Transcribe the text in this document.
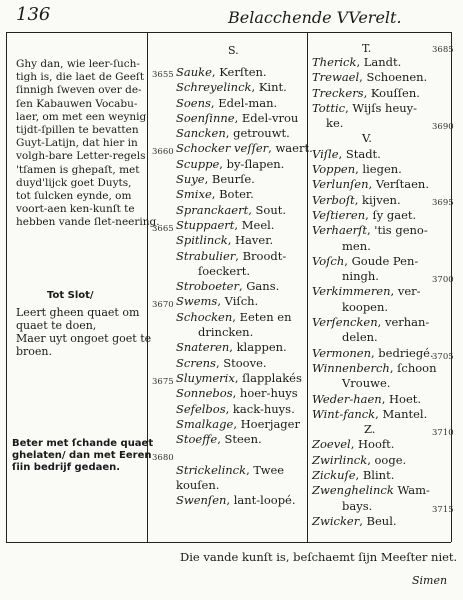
136	Belacchende VVerelt.
Ghy dan, wie leer-ſuch-
tigh is, die laet de Geeſt
ſinnigh ſweven over de-
ſen Kabauwen Vocabu-
laer, om met een weynig
tijdt-ſpillen te bevatten
Guyt-Latijn, dat hier in
volgh-bare Letter-regels
'tſamen is ghepaſt, met
duyd'lijck goet Duyts,
tot ſulcken eynde, om
voort-aen ken-kunſt te
hebben vande ſlet-neering.
Tot Slot/
Leert gheen quaet om
quaet te doen,
Maer uyt ongoet goet te
broen.
Beter met ſchande quaet
ghelaten/ dan met Eeren
ſiin bedrijf gedaen.
S.
Sauke, Kerſten.
Schreyelinck, Kint.
Soens, Edel-man.
Soenſinne, Edel-vrou
Sancken, getrouwt.
Schocker veſſer, waert.
Scuppe, by-ſlapen.
Suye, Beurſe.
Smixe, Boter.
Spranckaert, Sout.
Stuppaert, Meel.
Spitlinck, Haver.
Strabulier, Broodt-
ſoeckert.
Stroboeter, Gans.
Swems, Viſch.
Schocken, Eeten en
drincken.
Snateren, klappen.
Screns, Stoove.
Sluymerix, ſlapplakés
Sonnebos, hoer-huys
Sefelbos, kack-huys.
Smalkage, Hoerjager
Stoeffe, Steen.
Strickelinck, Twee
kouſen.
Swenſen, lant-loopé.
3655
3660
3665
3670
3675
3680
T.
Therick, Landt.
Trewael, Schoenen.
Treckers, Kouſſen.
Tottic, Wijſs heuy-
ke.
V.
Viſle, Stadt.
Voppen, liegen.
Verlunſen, Verſtaen.
Verboſt, kijven.
Veſtieren, ſy gaet.
Verhaerſt, 'tis geno-
men.
Voſch, Goude Pen-
ningh.
Verkimmeren, ver-
koopen.
Verſencken, verhan-
delen.
Vermonen, bedriegé.
Winnenberch, ſchoon
Vrouwe.
Weder-haen, Hoet.
Wint-fanck, Mantel.
Z.
Zoevel, Hooft.
Zwirlinck, ooge.
Zickuſe, Blint.
Zwenghelinck Wam-
bays.
Zwicker, Beul.
3685
3690
3695
3700
3705
3710
3715
Die vande kunſt is, beſchaemt ſijn Meeſter niet.
Simen
